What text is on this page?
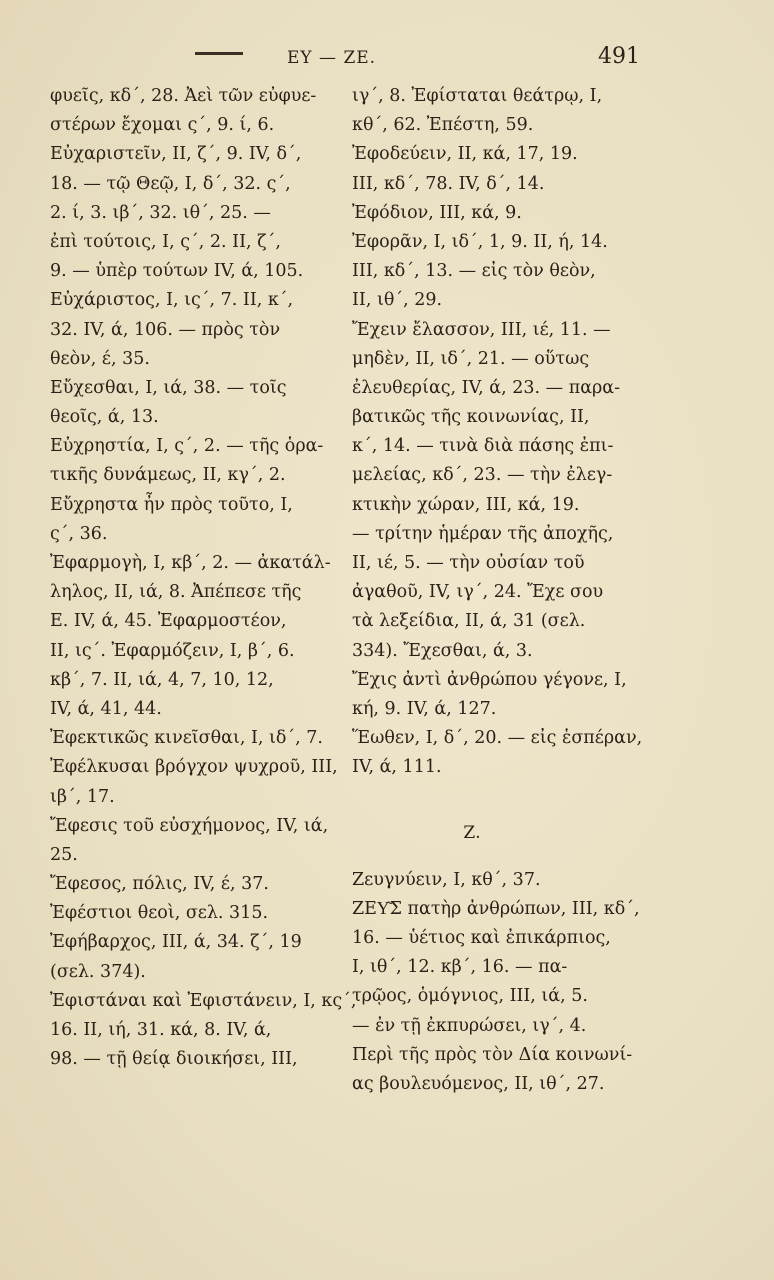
ΕΥ — ΖΕ.	491
φυεῖς, κδ΄, 28. Ἀεὶ τῶν εὐφυε-
στέρων ἔχομαι ς΄, 9. ί, 6.
Εὐχαριστεῖν, II, ζ΄, 9. IV, δ΄,
18. — τῷ Θεῷ, I, δ΄, 32. ς΄,
2. ί, 3. ιβ΄, 32. ιθ΄, 25. —
ἐπὶ τούτοις, I, ς΄, 2. II, ζ΄,
9. — ὑπὲρ τούτων IV, ά, 105.
Εὐχάριστος, I, ις΄, 7. II, κ΄,
32. IV, ά, 106. — πρὸς τὸν
θεὸν, έ, 35.
Εὔχεσθαι, I, ιά, 38. — τοῖς
θεοῖς, ά, 13.
Εὐχρηστία, I, ς΄, 2. — τῆς ὁρα-
τικῆς δυνάμεως, II, κγ΄, 2.
Εὔχρηστα ἦν πρὸς τοῦτο, I,
ς΄, 36.
Ἐφαρμογὴ, I, κβ΄, 2. — ἀκατάλ-
ληλος, II, ιά, 8. Ἀπέπεσε τῆς
Ε. IV, ά, 45. Ἐφαρμοστέον,
II, ις΄. Ἐφαρμόζειν, I, β΄, 6.
κβ΄, 7. II, ιά, 4, 7, 10, 12,
IV, ά, 41, 44.
Ἐφεκτικῶς κινεῖσθαι, I, ιδ΄, 7.
Ἐφέλκυσαι βρόγχον ψυχροῦ, III,
ιβ΄, 17.
Ἔφεσις τοῦ εὐσχήμονος, IV, ιά,
25.
Ἔφεσος, πόλις, IV, έ, 37.
Ἐφέστιοι θεοὶ, σελ. 315.
Ἐφήβαρχος, III, ά, 34. ζ΄, 19
(σελ. 374).
Ἐφιστάναι καὶ Ἐφιστάνειν, I, κς΄,
16. II, ιή, 31. κά, 8. IV, ά,
98. — τῇ θείᾳ διοικήσει, III,
ιγ΄, 8. Ἐφίσταται θεάτρῳ, I,
κθ΄, 62. Ἐπέστη, 59.
Ἐφοδεύειν, II, κά, 17, 19.
III, κδ΄, 78. IV, δ΄, 14.
Ἐφόδιον, III, κά, 9.
Ἐφορᾶν, I, ιδ΄, 1, 9. II, ή, 14.
III, κδ΄, 13. — εἰς τὸν θεὸν,
II, ιθ΄, 29.
Ἔχειν ἔλασσον, III, ιέ, 11. —
μηδὲν, II, ιδ΄, 21. — οὕτως
ἐλευθερίας, IV, ά, 23. — παρα-
βατικῶς τῆς κοινωνίας, II,
κ΄, 14. — τινὰ διὰ πάσης ἐπι-
μελείας, κδ΄, 23. — τὴν ἐλεγ-
κτικὴν χώραν, III, κά, 19.
— τρίτην ἡμέραν τῆς ἀποχῆς,
II, ιέ, 5. — τὴν οὐσίαν τοῦ
ἀγαθοῦ, IV, ιγ΄, 24. Ἔχε σου
τὰ λεξείδια, II, ά, 31 (σελ.
334). Ἔχεσθαι, ά, 3.
Ἔχις ἀντὶ ἀνθρώπου γέγονε, I,
κή, 9. IV, ά, 127.
Ἕωθεν, I, δ΄, 20. — εἰς ἑσπέραν,
IV, ά, 111.
Ζ.
Ζευγνύειν, I, κθ΄, 37.
ΖΕΥ͂Σ πατὴρ ἀνθρώπων, III, κδ΄,
16. — ὑέτιος καὶ ἐπικάρπιος,
I, ιθ΄, 12. κβ΄, 16. — πα-
τρῷος, ὁμόγνιος, III, ιά, 5.
— ἐν τῇ ἐκπυρώσει, ιγ΄, 4.
Περὶ τῆς πρὸς τὸν Δία κοινωνί-
ας βουλευόμενος, II, ιθ΄, 27.
